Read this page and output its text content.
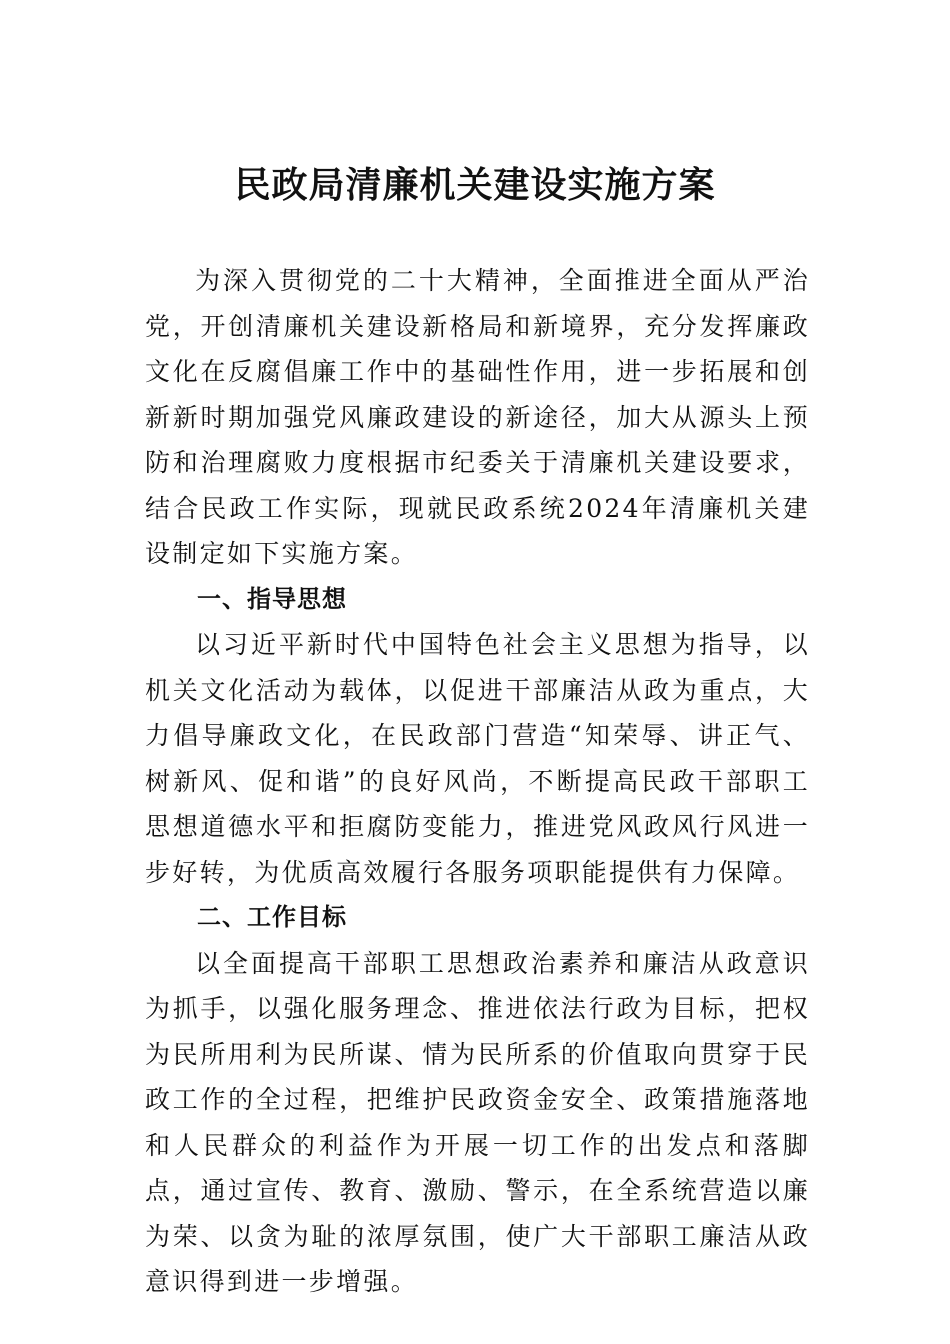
民政局清廉机关建设实施方案

为深入贯彻党的二十大精神，全面推进全面从严治党，开创清廉机关建设新格局和新境界，充分发挥廉政文化在反腐倡廉工作中的基础性作用，进一步拓展和创新新时期加强党风廉政建设的新途径，加大从源头上预防和治理腐败力度根据市纪委关于清廉机关建设要求，结合民政工作实际，现就民政系统2024年清廉机关建设制定如下实施方案。

一、指导思想

以习近平新时代中国特色社会主义思想为指导，以机关文化活动为载体，以促进干部廉洁从政为重点，大力倡导廉政文化，在民政部门营造“知荣辱、讲正气、树新风、促和谐”的良好风尚，不断提高民政干部职工思想道德水平和拒腐防变能力，推进党风政风行风进一步好转，为优质高效履行各服务项职能提供有力保障。

二、工作目标

以全面提高干部职工思想政治素养和廉洁从政意识为抓手，以强化服务理念、推进依法行政为目标，把权为民所用利为民所谋、情为民所系的价值取向贯穿于民政工作的全过程，把维护民政资金安全、政策措施落地和人民群众的利益作为开展一切工作的出发点和落脚点，通过宣传、教育、激励、警示，在全系统营造以廉为荣、以贪为耻的浓厚氛围，使广大干部职工廉洁从政意识得到进一步增强。
